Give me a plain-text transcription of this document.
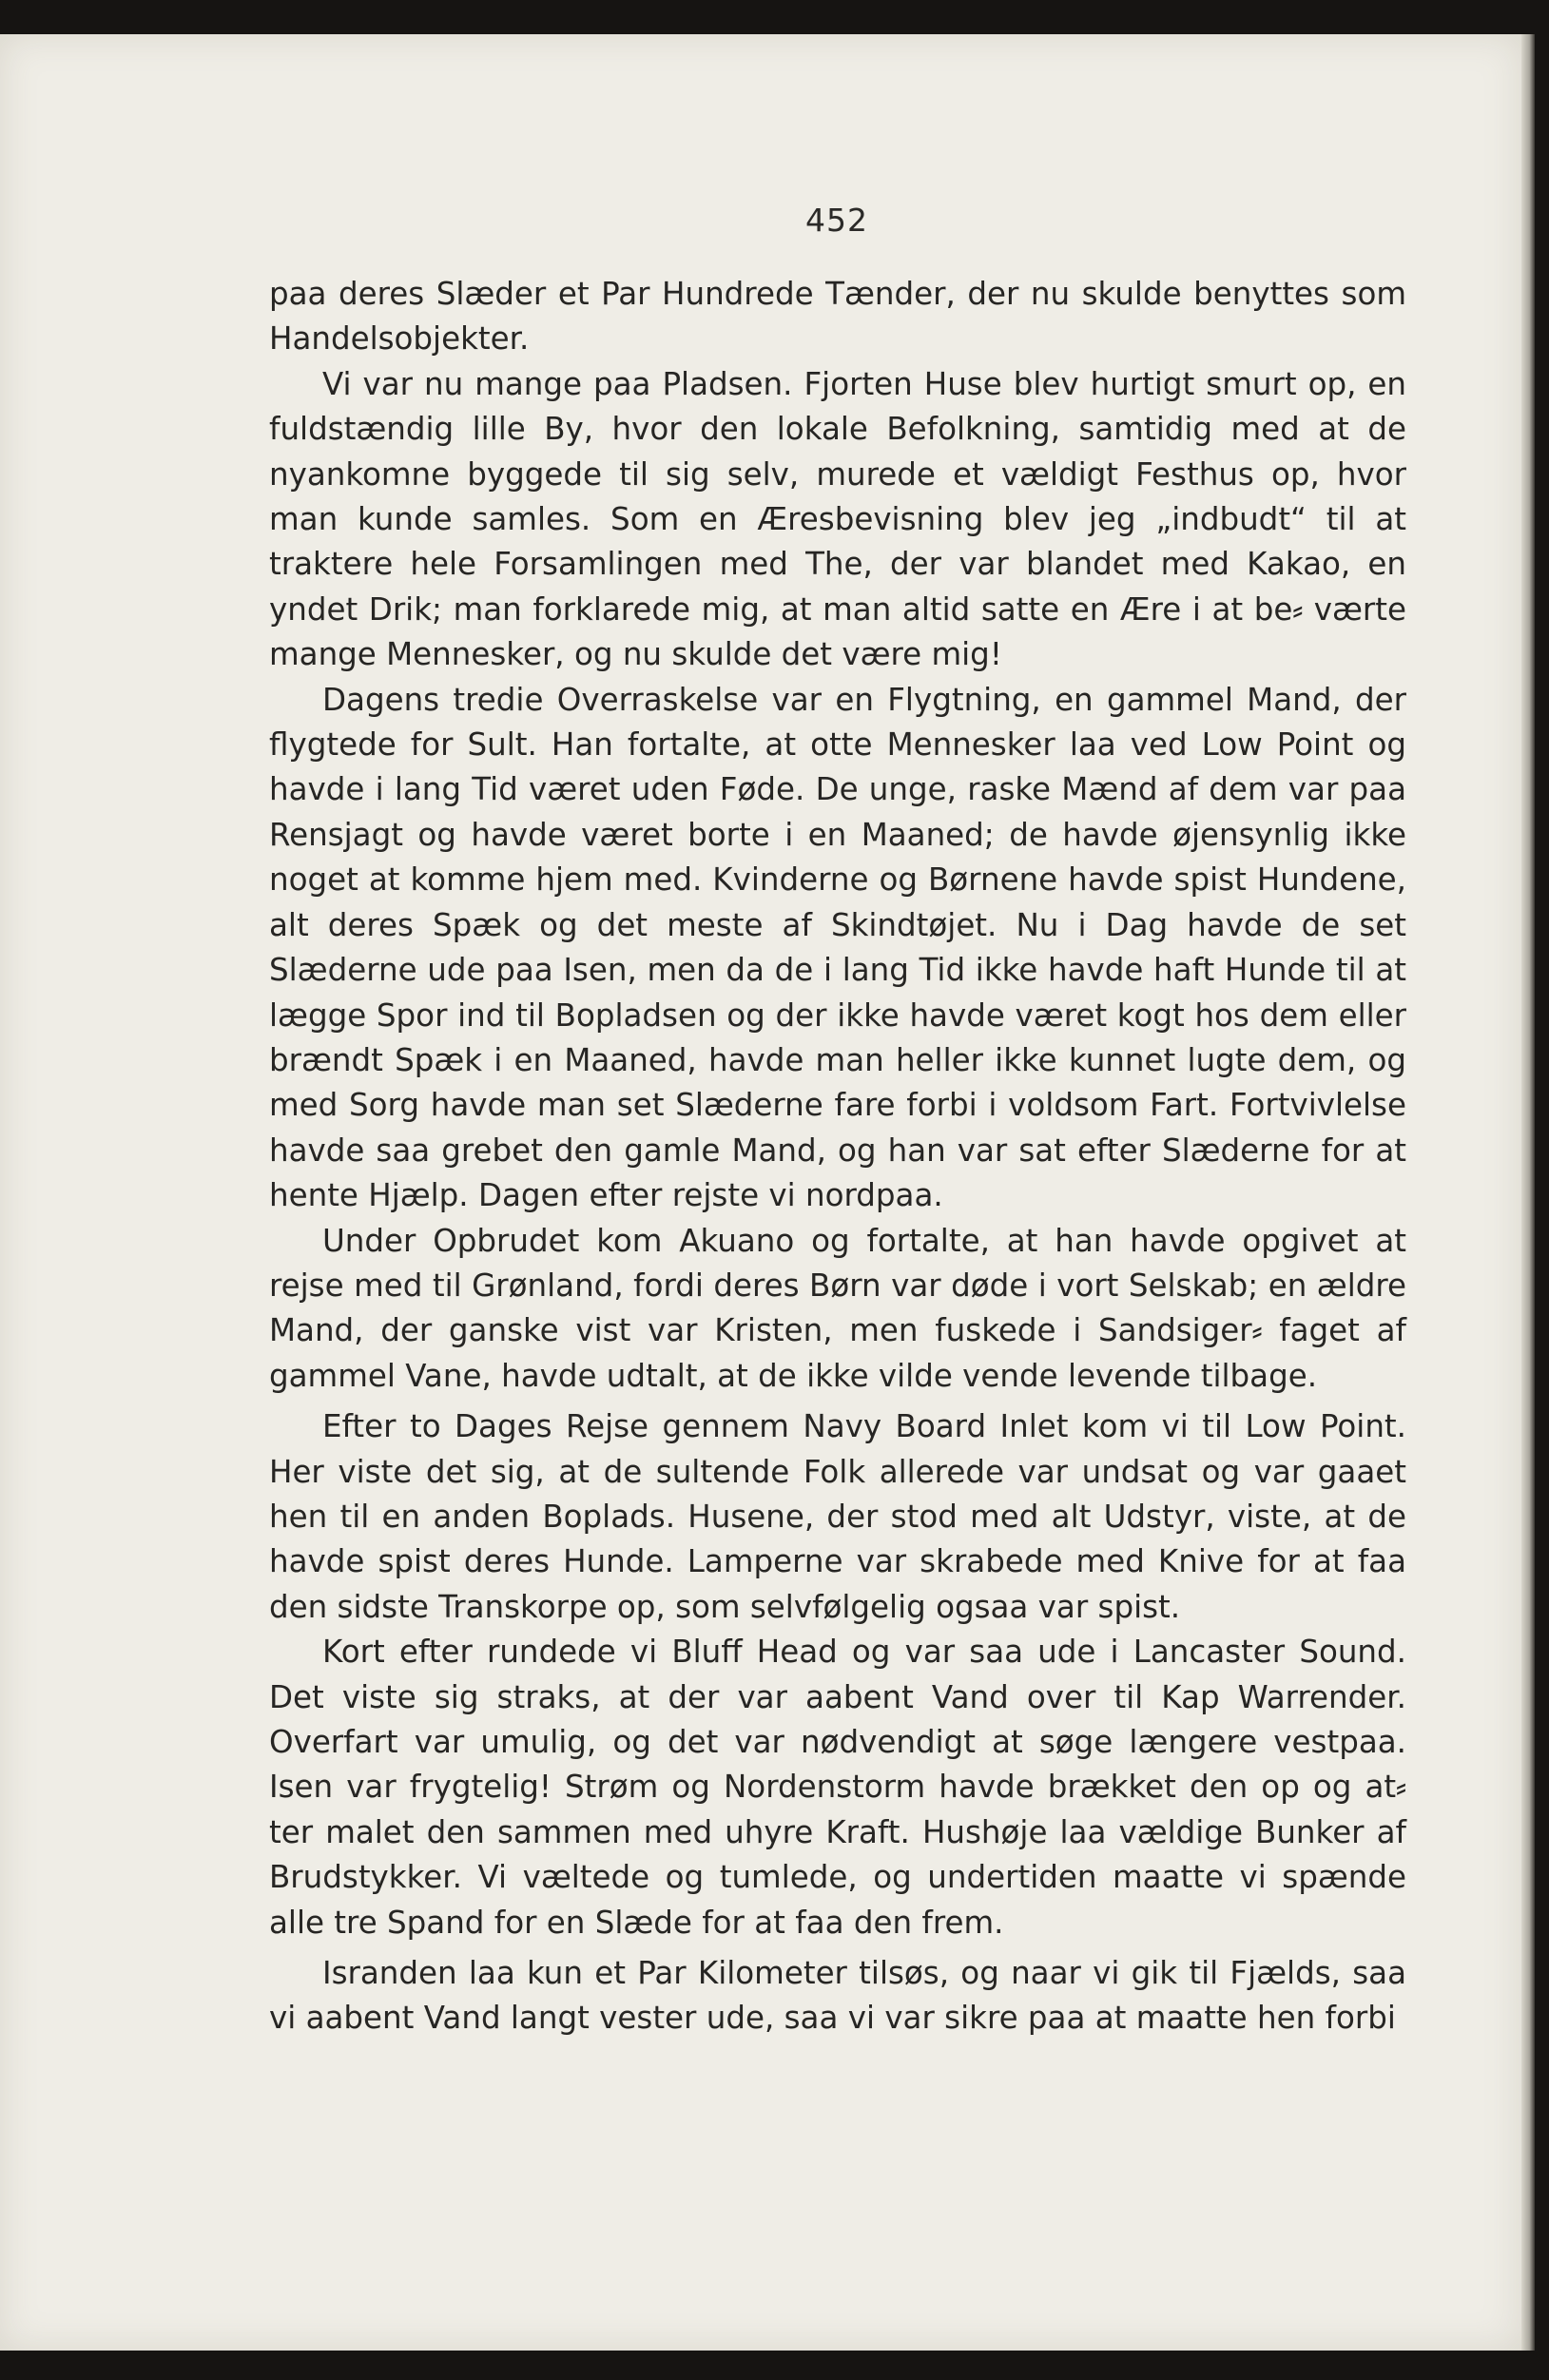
452

paa deres Slæder et Par Hundrede Tænder, der nu skulde benyttes som Handelsobjekter.

Vi var nu mange paa Pladsen. Fjorten Huse blev hurtigt smurt op, en fuldstændig lille By, hvor den lokale Befolkning, samtidig med at de nyankomne byggede til sig selv, murede et vældigt Festhus op, hvor man kunde samles. Som en Æresbevisning blev jeg „indbudt“ til at traktere hele Forsamlingen med The, der var blandet med Kakao, en yndet Drik; man forklarede mig, at man altid satte en Ære i at be⸗ værte mange Mennesker, og nu skulde det være mig!

Dagens tredie Overraskelse var en Flygtning, en gammel Mand, der flygtede for Sult. Han fortalte, at otte Mennesker laa ved Low Point og havde i lang Tid været uden Føde. De unge, raske Mænd af dem var paa Rensjagt og havde været borte i en Maaned; de havde øjensynlig ikke noget at komme hjem med. Kvinderne og Børnene havde spist Hundene, alt deres Spæk og det meste af Skindtøjet. Nu i Dag havde de set Slæderne ude paa Isen, men da de i lang Tid ikke havde haft Hunde til at lægge Spor ind til Bopladsen og der ikke havde været kogt hos dem eller brændt Spæk i en Maaned, havde man heller ikke kunnet lugte dem, og med Sorg havde man set Slæderne fare forbi i voldsom Fart. Fortvivlelse havde saa grebet den gamle Mand, og han var sat efter Slæderne for at hente Hjælp. Dagen efter rejste vi nordpaa.

Under Opbrudet kom Akuano og fortalte, at han havde opgivet at rejse med til Grønland, fordi deres Børn var døde i vort Selskab; en ældre Mand, der ganske vist var Kristen, men fuskede i Sandsiger⸗ faget af gammel Vane, havde udtalt, at de ikke vilde vende levende tilbage.

Efter to Dages Rejse gennem Navy Board Inlet kom vi til Low Point. Her viste det sig, at de sultende Folk allerede var undsat og var gaaet hen til en anden Boplads. Husene, der stod med alt Udstyr, viste, at de havde spist deres Hunde. Lamperne var skrabede med Knive for at faa den sidste Transkorpe op, som selvfølgelig ogsaa var spist.

Kort efter rundede vi Bluff Head og var saa ude i Lancaster Sound. Det viste sig straks, at der var aabent Vand over til Kap Warrender. Overfart var umulig, og det var nødvendigt at søge længere vestpaa. Isen var frygtelig! Strøm og Nordenstorm havde brækket den op og at⸗ ter malet den sammen med uhyre Kraft. Hushøje laa vældige Bunker af Brudstykker. Vi væltede og tumlede, og undertiden maatte vi spænde alle tre Spand for en Slæde for at faa den frem.

Isranden laa kun et Par Kilometer tilsøs, og naar vi gik til Fjælds, saa vi aabent Vand langt vester ude, saa vi var sikre paa at maatte hen forbi
